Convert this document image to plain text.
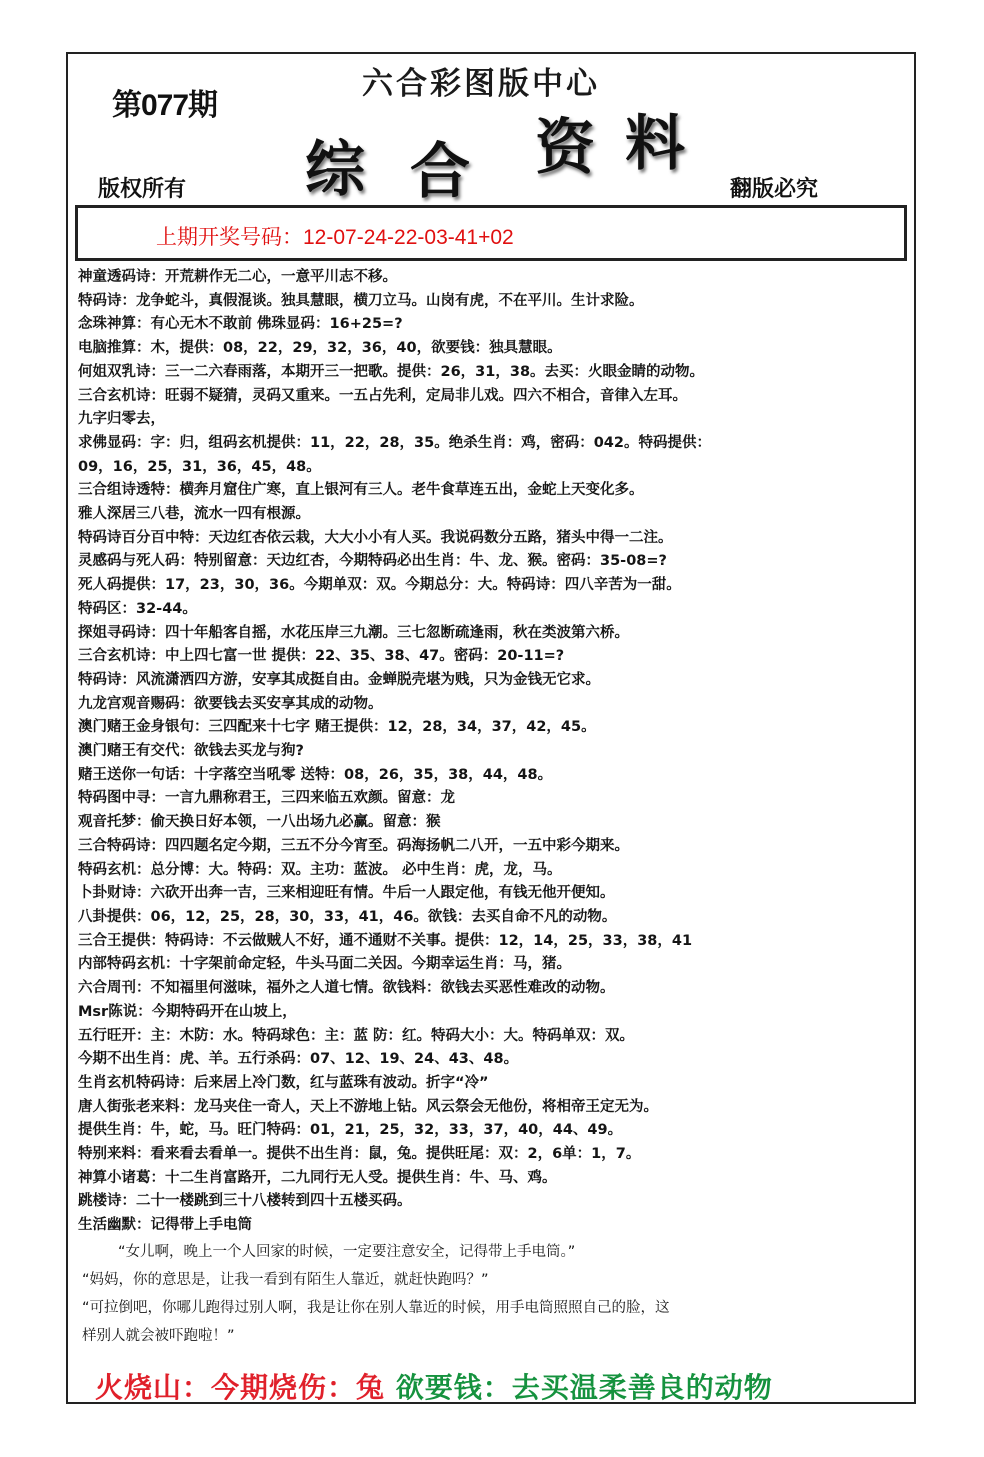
第077期
六合彩图版中心
综 合 资 料
版权所有	翻版必究
上期开奖号码：12-07-24-22-03-41+02
神童透码诗：开荒耕作无二心，一意平川志不移。
特码诗：龙争蛇斗，真假混谈。独具慧眼，横刀立马。山岗有虎，不在平川。生计求险。
念珠神算：有心无木不敢前 佛珠显码：16+25=?
电脑推算：木，提供：08，22，29，32，36，40，欲要钱：独具慧眼。
何姐双乳诗：三一二六春雨落，本期开三一把歌。提供：26，31，38。去买：火眼金睛的动物。
三合玄机诗：旺弱不疑猜，灵码又重来。一五占先利，定局非儿戏。四六不相合，音律入左耳。
九字归零去，
求佛显码：字：归，组码玄机提供：11，22，28，35。绝杀生肖：鸡，密码：042。特码提供：
09，16，25，31，36，45，48。
三合组诗透特：横奔月窟住广寒，直上银河有三人。老牛食草连五出，金蛇上天变化多。
雅人深居三八巷，流水一四有根源。
特码诗百分百中特：天边红杏依云栽，大大小小有人买。我说码数分五路，猪头中得一二注。
灵感码与死人码：特别留意：天边红杏，今期特码必出生肖：牛、龙、猴。密码：35-08=?
死人码提供：17，23，30，36。今期单双：双。今期总分：大。特码诗：四八辛苦为一甜。
特码区：32-44。
探姐寻码诗：四十年船客自摇，水花压岸三九潮。三七忽断疏逢雨，秋在类波第六桥。
三合玄机诗：中上四七富一世 提供：22、35、38、47。密码：20-11=?
特码诗：风流潇洒四方游，安享其成挺自由。金蝉脱壳堪为贱，只为金钱无它求。
九龙宫观音赐码：欲要钱去买安享其成的动物。
澳门赌王金身银句：三四配来十七字 赌王提供：12，28，34，37，42，45。
澳门赌王有交代：欲钱去买龙与狗?
赌王送你一句话：十字落空当吼零 送特：08，26，35，38，44，48。
特码图中寻：一言九鼎称君王，三四来临五欢颜。留意：龙
观音托梦：偷天换日好本领，一八出场九必赢。留意：猴
三合特码诗：四四题名定今期，三五不分今宵至。码海扬帆二八开，一五中彩今期来。
特码玄机：总分博：大。特码：双。主功：蓝波。 必中生肖：虎，龙，马。
卜卦财诗：六砍开出奔一吉，三来相迎旺有情。牛后一人跟定他，有钱无他开便知。
八卦提供：06，12，25，28，30，33，41，46。欲钱：去买自命不凡的动物。
三合王提供：特码诗：不云做贼人不好，通不通财不关事。提供：12，14，25，33，38，41
内部特码玄机：十字架前命定轻，牛头马面二关因。今期幸运生肖：马，猪。
六合周刊：不知福里何滋味，福外之人道七情。欲钱料：欲钱去买恶性难改的动物。
Msr陈说：今期特码开在山坡上，
五行旺开：主：木防：水。特码球色：主：蓝 防：红。特码大小：大。特码单双：双。
今期不出生肖：虎、羊。五行杀码：07、12、19、24、43、48。
生肖玄机特码诗：后来居上冷门数，红与蓝珠有波动。折字“冷”
唐人街张老来料：龙马夹住一奇人，天上不游地上钻。风云祭会无他份，将相帝王定无为。
提供生肖：牛，蛇，马。旺门特码：01，21，25，32，33，37，40，44、49。
特别来料：看来看去看单一。提供不出生肖：鼠，兔。提供旺尾：双：2，6单：1，7。
神算小诸葛：十二生肖富路开，二九同行无人受。提供生肖：牛、马、鸡。
跳楼诗：二十一楼跳到三十八楼转到四十五楼买码。
生活幽默：记得带上手电筒
“女儿啊，晚上一个人回家的时候，一定要注意安全，记得带上手电筒。”
“妈妈，你的意思是，让我一看到有陌生人靠近，就赶快跑吗？”
“可拉倒吧，你哪儿跑得过别人啊，我是让你在别人靠近的时候，用手电筒照照自己的脸，这
样别人就会被吓跑啦！”
火烧山：今期烧伤：兔 欲要钱：去买温柔善良的动物
